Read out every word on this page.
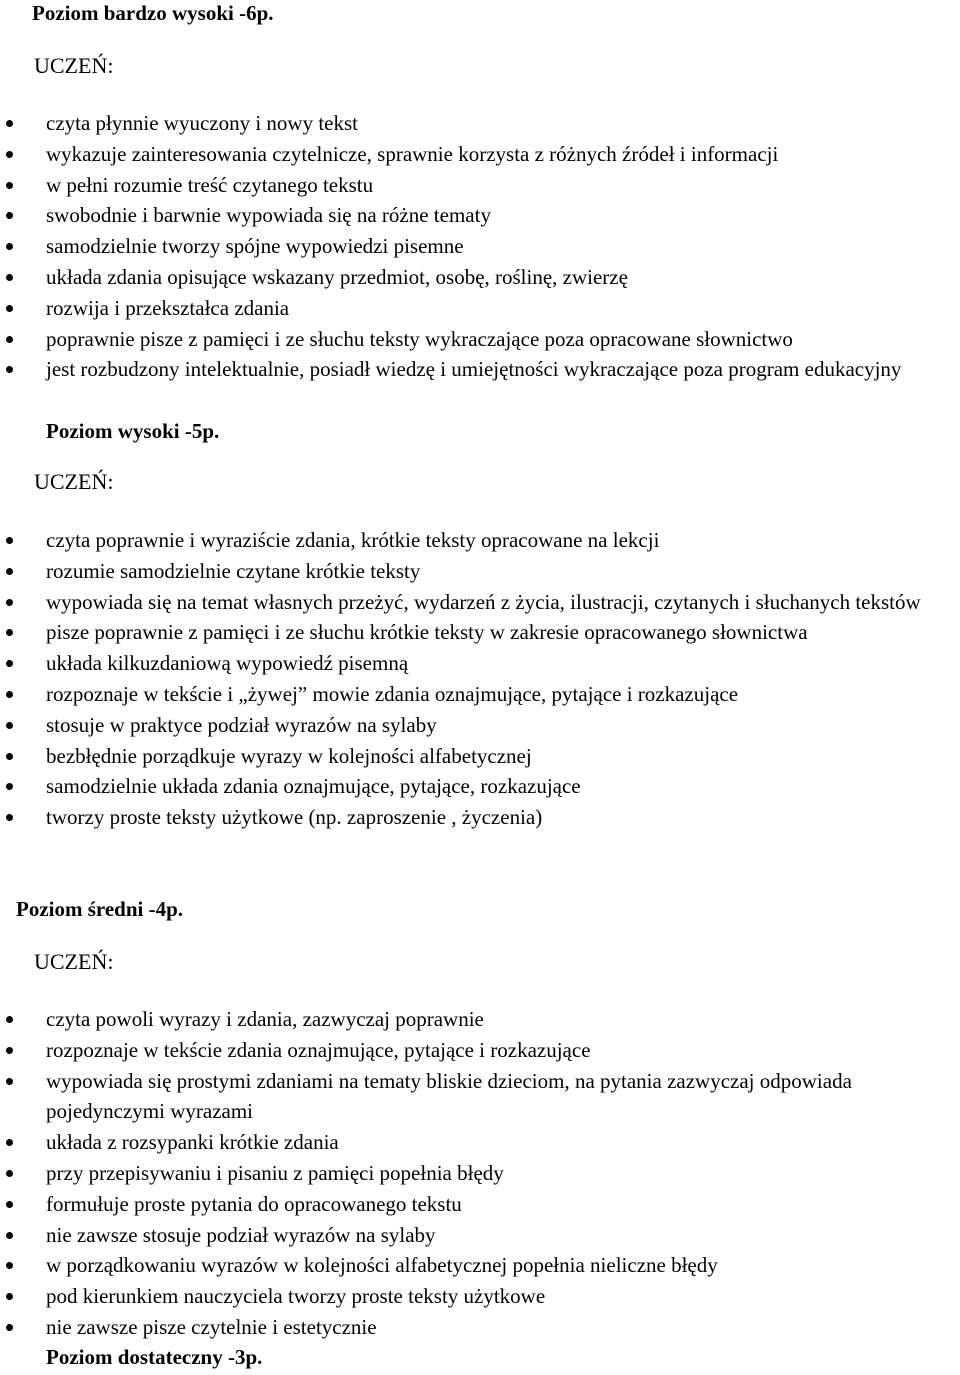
Poziom bardzo wysoki -6p.

UCZEŃ:

czyta płynnie wyuczony i nowy tekst
wykazuje zainteresowania czytelnicze, sprawnie korzysta z różnych źródeł i informacji
w pełni rozumie treść czytanego tekstu
swobodnie i barwnie wypowiada się na różne tematy
samodzielnie tworzy spójne wypowiedzi pisemne
układa zdania opisujące wskazany przedmiot, osobę, roślinę, zwierzę
rozwija i przekształca zdania
poprawnie pisze z pamięci i ze słuchu teksty wykraczające poza opracowane słownictwo
jest rozbudzony intelektualnie, posiadł wiedzę i umiejętności wykraczające poza program edukacyjny

Poziom wysoki -5p.

UCZEŃ:

czyta poprawnie i wyraziście zdania, krótkie teksty opracowane na lekcji
rozumie samodzielnie czytane krótkie teksty
wypowiada się na temat własnych przeżyć, wydarzeń z życia, ilustracji, czytanych i słuchanych tekstów
pisze poprawnie z pamięci i ze słuchu krótkie teksty w zakresie opracowanego słownictwa
układa kilkuzdaniową wypowiedź pisemną
rozpoznaje w tekście i „żywej” mowie zdania oznajmujące, pytające i rozkazujące
stosuje w praktyce podział wyrazów na sylaby
bezbłędnie porządkuje wyrazy w kolejności alfabetycznej
samodzielnie układa zdania oznajmujące, pytające, rozkazujące
tworzy proste teksty użytkowe (np. zaproszenie , życzenia)

Poziom średni -4p.

UCZEŃ:

czyta powoli wyrazy i zdania, zazwyczaj poprawnie
rozpoznaje w tekście zdania oznajmujące, pytające i rozkazujące
wypowiada się prostymi zdaniami na tematy bliskie dzieciom, na pytania zazwyczaj odpowiada pojedynczymi wyrazami
układa z rozsypanki krótkie zdania
przy przepisywaniu i pisaniu z pamięci popełnia błędy
formułuje proste pytania do opracowanego tekstu
nie zawsze stosuje podział wyrazów na sylaby
w porządkowaniu wyrazów w kolejności alfabetycznej popełnia nieliczne błędy
pod kierunkiem nauczyciela tworzy proste teksty użytkowe
nie zawsze pisze czytelnie i estetycznie

Poziom dostateczny -3p.
